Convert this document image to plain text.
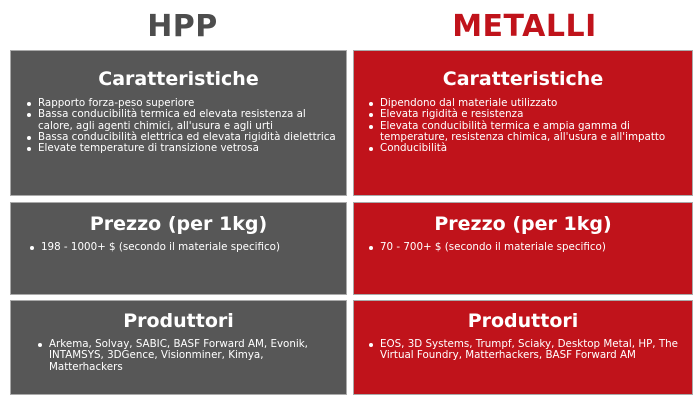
HPP	METALLI
Caratteristiche
Rapporto forza-peso superiore
Bassa conducibilità termica ed elevata resistenza al calore, agli agenti chimici, all'usura e agli urti
Bassa conducibilità elettrica ed elevata rigidità dielettrica
Elevate temperature di transizione vetrosa
Prezzo (per 1kg)
198 - 1000+ $ (secondo il materiale specifico)
Produttori
Arkema, Solvay, SABIC, BASF Forward AM, Evonik, INTAMSYS, 3DGence, Visionminer, Kimya, Matterhackers
Caratteristiche
Dipendono dal materiale utilizzato
Elevata rigidità e resistenza
Elevata conducibilità termica e ampia gamma di temperature, resistenza chimica, all'usura e all'impatto
Conducibilità
Prezzo (per 1kg)
70 - 700+ $ (secondo il materiale specifico)
Produttori
EOS, 3D Systems, Trumpf, Sciaky, Desktop Metal, HP, The Virtual Foundry, Matterhackers, BASF Forward AM
